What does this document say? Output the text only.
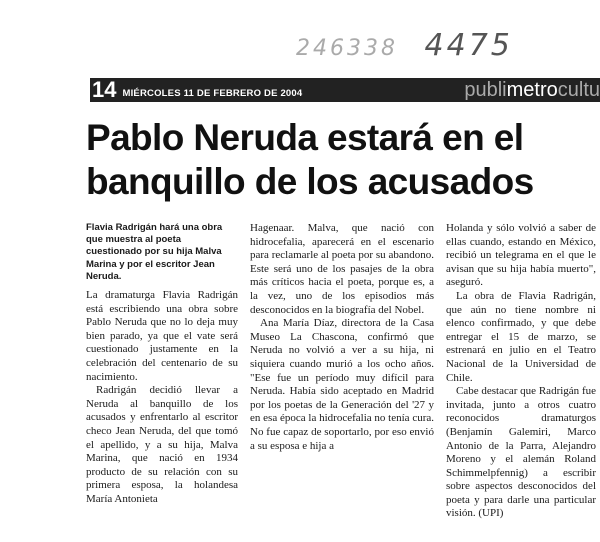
246338 4475
14 MIÉRCOLES 11 DE FEBRERO DE 2004	publimetrocultu
Pablo Neruda estará en el banquillo de los acusados

Flavia Radrigán hará una obra que muestra al poeta cuestionado por su hija Malva Marina y por el escritor Jean Neruda.

La dramaturga Flavia Radrigán está escribiendo una obra sobre Pablo Neruda que no lo deja muy bien parado, ya que el vate será cuestionado justamente en la celebración del centenario de su nacimiento.

Radrigán decidió llevar a Neruda al banquillo de los acusados y enfrentarlo al escritor checo Jean Neruda, del que tomó el apellido, y a su hija, Malva Marina, que nació en 1934 producto de su relación con su primera esposa, la holandesa María Antonieta

Hagenaar. Malva, que nació con hidrocefalia, aparecerá en el escenario para reclamarle al poeta por su abandono. Este será uno de los pasajes de la obra más críticos hacia el poeta, porque es, a la vez, uno de los episodios más desconocidos en la biografía del Nobel.

Ana María Díaz, directora de la Casa Museo La Chascona, confirmó que Neruda no volvió a ver a su hija, ni siquiera cuando murió a los ocho años. "Ese fue un período muy difícil para Neruda. Había sido aceptado en Madrid por los poetas de la Generación del '27 y en esa época la hidrocefalia no tenía cura. No fue capaz de soportarlo, por eso envió a su esposa e hija a

Holanda y sólo volvió a saber de ellas cuando, estando en México, recibió un telegrama en el que le avisan que su hija había muerto", aseguró.

La obra de Flavia Radrigán, que aún no tiene nombre ni elenco confirmado, y que debe entregar el 15 de marzo, se estrenará en julio en el Teatro Nacional de la Universidad de Chile.

Cabe destacar que Radrigán fue invitada, junto a otros cuatro reconocidos dramaturgos (Benjamín Galemiri, Marco Antonio de la Parra, Alejandro Moreno y el alemán Roland Schimmelpfennig) a escribir sobre aspectos desconocidos del poeta y para darle una particular visión. (UPI)
